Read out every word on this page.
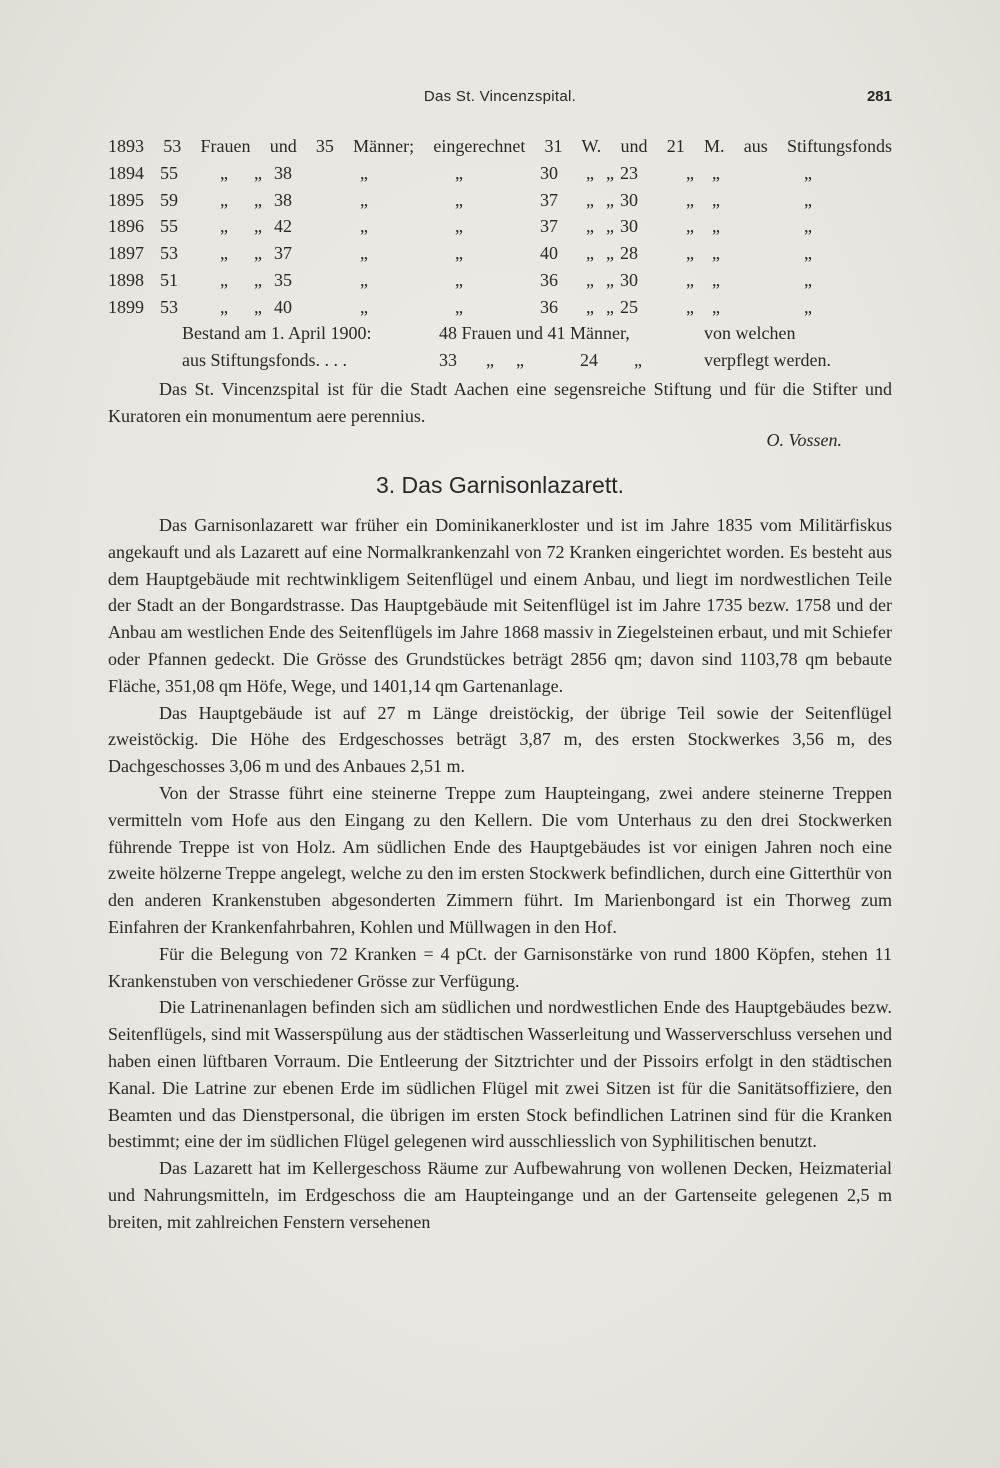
Das St. Vincenzspital.	281
1893 53 Frauen und 35 Männer; eingerechnet 31 W. und 21 M. aus Stiftungsfonds
1894 55 „ „ 38	„	„	30 „ „ 23	„ „	„
1895 59 „ „ 38	„	„	37 „ „ 30	„ „	„
1896 55 „ „ 42	„	„	37 „ „ 30	„ „	„
1897 53 „ „ 37	„	„	40 „ „ 28	„ „	„
1898 51 „ „ 35	„	„	36 „ „ 30	„ „	„
1899 53 „ „ 40	„	„	36 „ „ 25	„ „	„
Bestand am 1. April 1900:	48 Frauen und 41 Männer,	von welchen
aus Stiftungsfonds. . . .	33 „ „	24 „	verpflegt werden.

Das St. Vincenzspital ist für die Stadt Aachen eine segensreiche Stiftung und für die Stifter und Kuratoren ein monumentum aere perennius.

O. Vossen.
3. Das Garnisonlazarett.

Das Garnisonlazarett war früher ein Dominikanerkloster und ist im Jahre 1835 vom Militärfiskus angekauft und als Lazarett auf eine Normalkrankenzahl von 72 Kranken eingerichtet worden. Es besteht aus dem Hauptgebäude mit rechtwinkligem Seitenflügel und einem Anbau, und liegt im nordwestlichen Teile der Stadt an der Bongardstrasse. Das Hauptgebäude mit Seitenflügel ist im Jahre 1735 bezw. 1758 und der Anbau am westlichen Ende des Seitenflügels im Jahre 1868 massiv in Ziegelsteinen erbaut, und mit Schiefer oder Pfannen gedeckt. Die Grösse des Grundstückes beträgt 2856 qm; davon sind 1103,78 qm bebaute Fläche, 351,08 qm Höfe, Wege, und 1401,14 qm Gartenanlage.

Das Hauptgebäude ist auf 27 m Länge dreistöckig, der übrige Teil sowie der Seitenflügel zweistöckig. Die Höhe des Erdgeschosses beträgt 3,87 m, des ersten Stockwerkes 3,56 m, des Dachgeschosses 3,06 m und des Anbaues 2,51 m.

Von der Strasse führt eine steinerne Treppe zum Haupteingang, zwei andere steinerne Treppen vermitteln vom Hofe aus den Eingang zu den Kellern. Die vom Unterhaus zu den drei Stockwerken führende Treppe ist von Holz. Am südlichen Ende des Hauptgebäudes ist vor einigen Jahren noch eine zweite hölzerne Treppe angelegt, welche zu den im ersten Stockwerk befindlichen, durch eine Gitterthür von den anderen Krankenstuben abgesonderten Zimmern führt. Im Marienbongard ist ein Thorweg zum Einfahren der Krankenfahrbahren, Kohlen und Müllwagen in den Hof.

Für die Belegung von 72 Kranken = 4 pCt. der Garnisonstärke von rund 1800 Köpfen, stehen 11 Krankenstuben von verschiedener Grösse zur Verfügung.

Die Latrinenanlagen befinden sich am südlichen und nordwestlichen Ende des Hauptgebäudes bezw. Seitenflügels, sind mit Wasserspülung aus der städtischen Wasserleitung und Wasserverschluss versehen und haben einen lüftbaren Vorraum. Die Entleerung der Sitztrichter und der Pissoirs erfolgt in den städtischen Kanal. Die Latrine zur ebenen Erde im südlichen Flügel mit zwei Sitzen ist für die Sanitätsoffiziere, den Beamten und das Dienstpersonal, die übrigen im ersten Stock befindlichen Latrinen sind für die Kranken bestimmt; eine der im südlichen Flügel gelegenen wird ausschliesslich von Syphilitischen benutzt.

Das Lazarett hat im Kellergeschoss Räume zur Aufbewahrung von wollenen Decken, Heizmaterial und Nahrungsmitteln, im Erdgeschoss die am Haupteingange und an der Gartenseite gelegenen 2,5 m breiten, mit zahlreichen Fenstern versehenen
